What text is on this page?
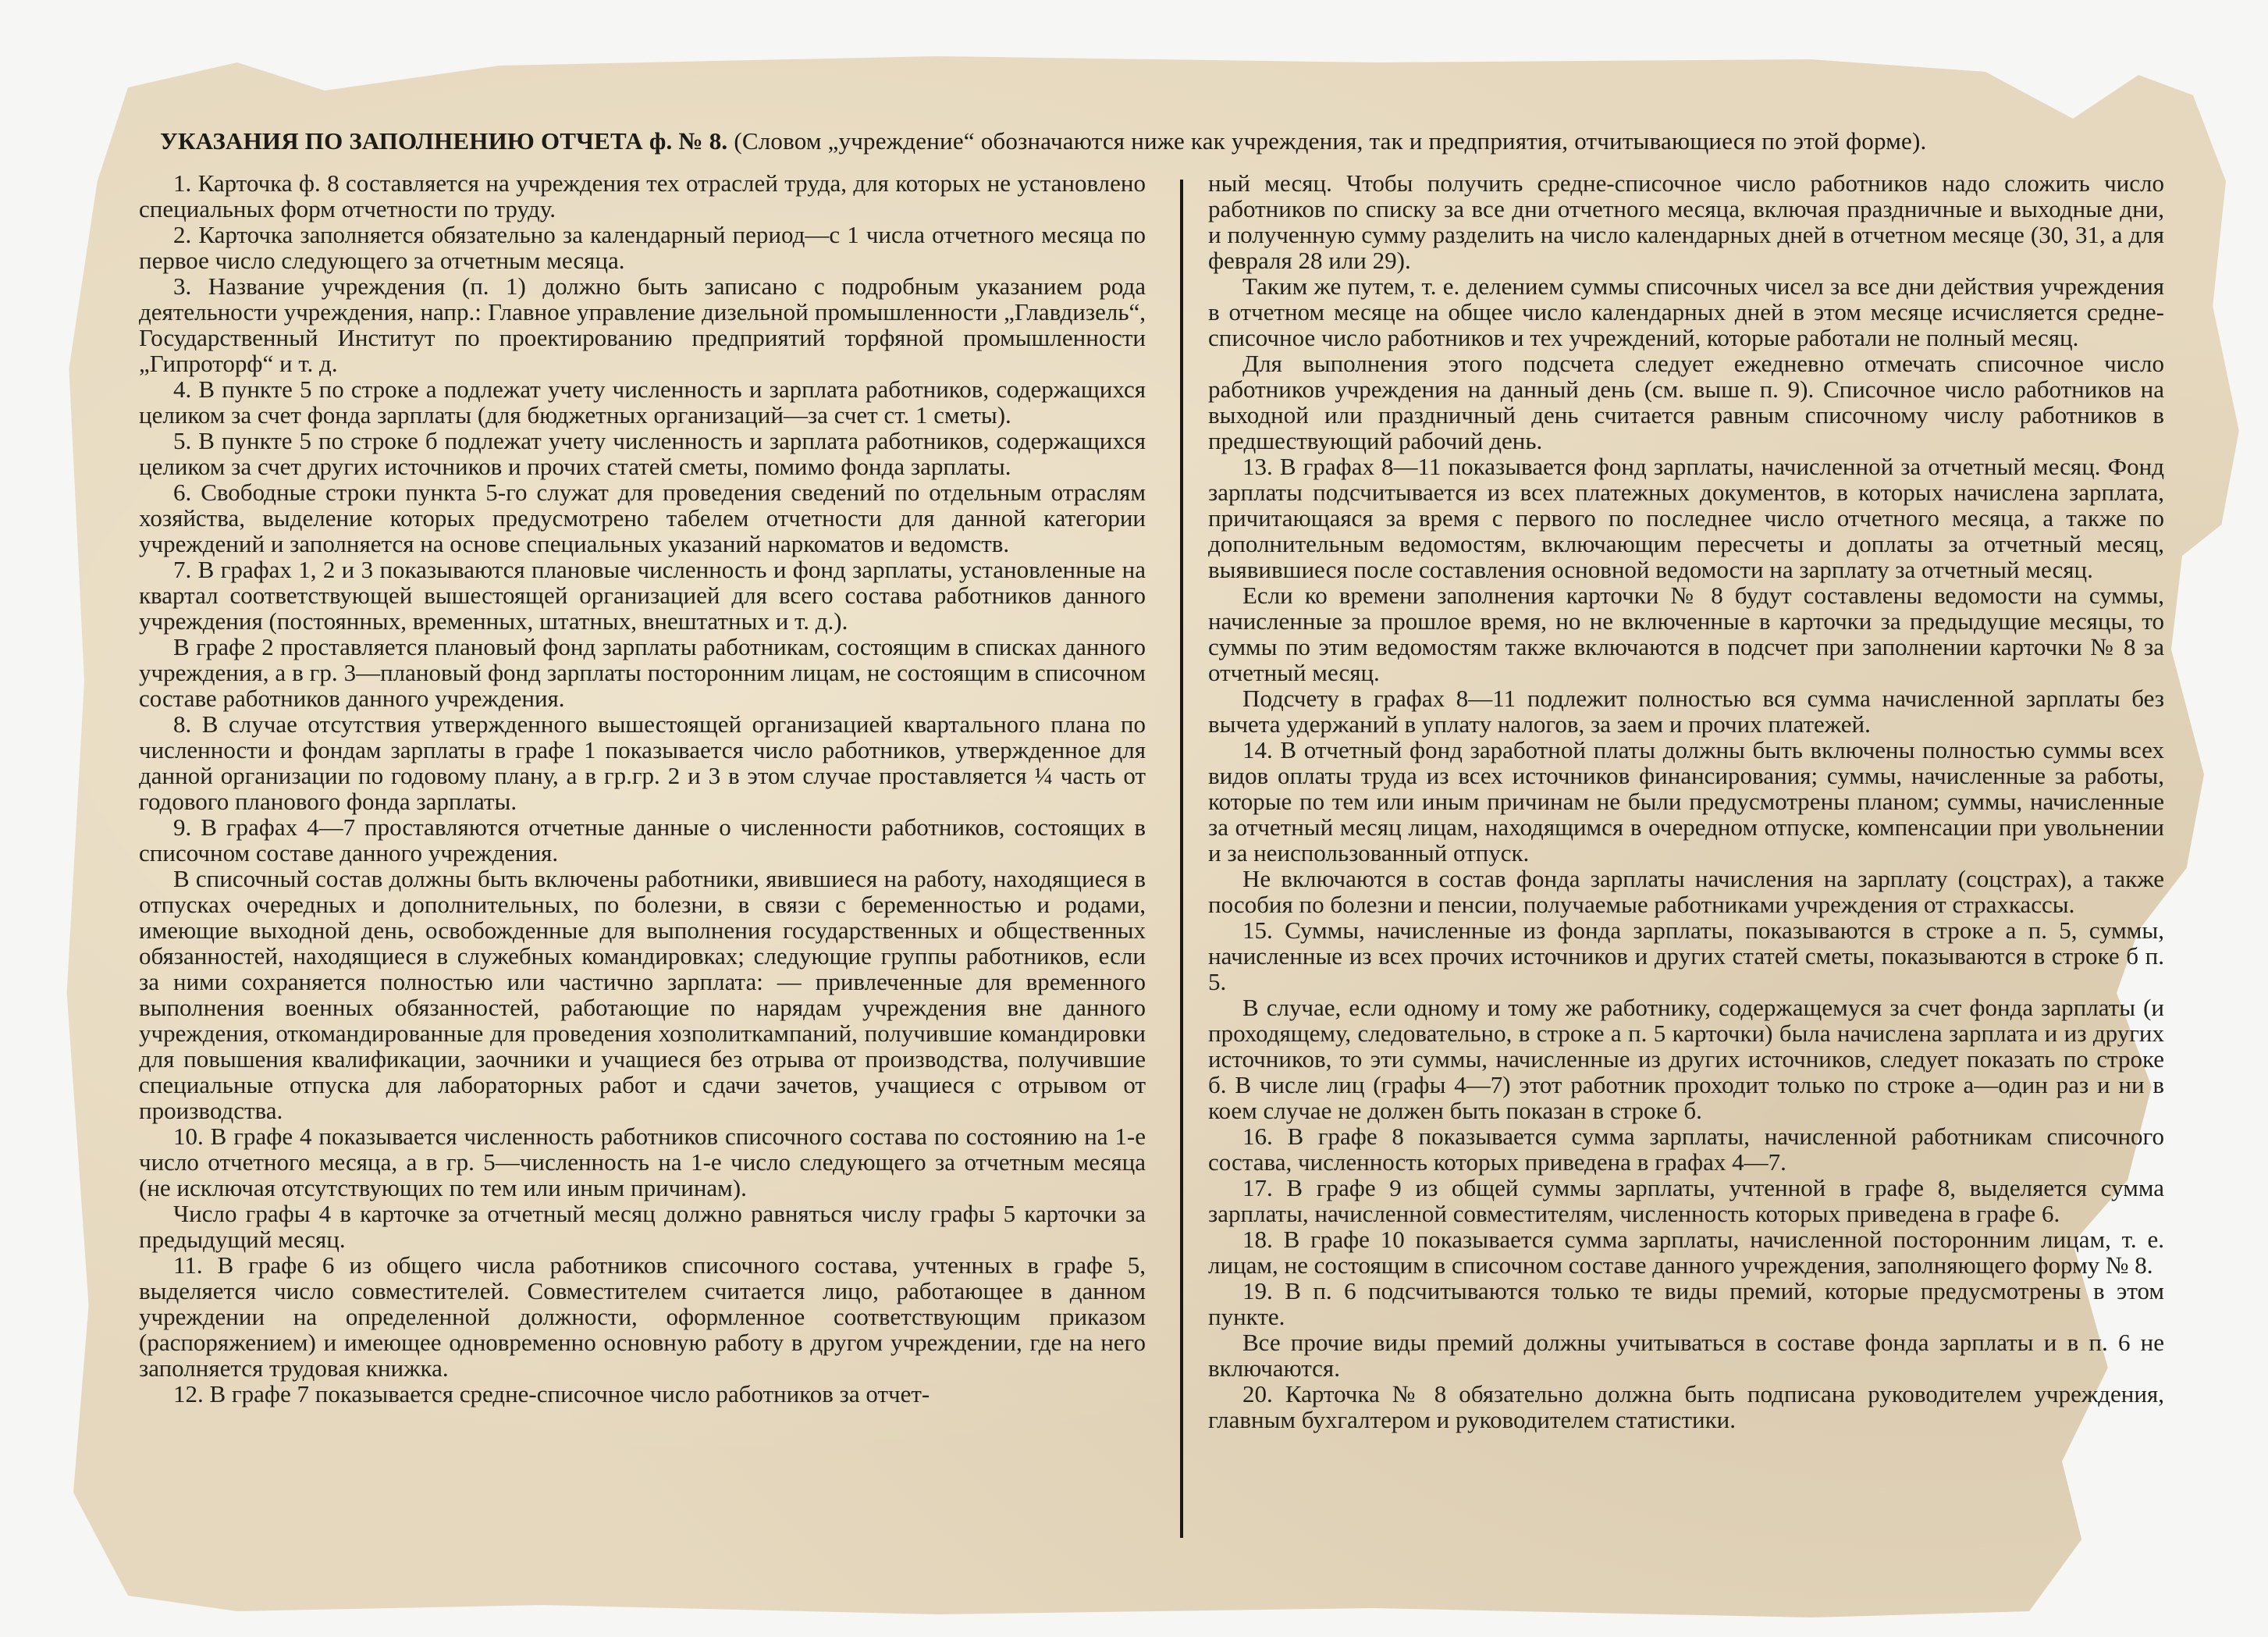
УКАЗАНИЯ ПО ЗАПОЛНЕНИЮ ОТЧЕТА ф. № 8. (Словом „учреждение“ обозначаются ниже как учреждения, так и предприятия, отчитывающиеся по этой форме).

1. Карточка ф. 8 составляется на учреждения тех отраслей труда, для которых не установлено специальных форм отчетности по труду.

2. Карточка заполняется обязательно за календарный период—с 1 числа отчетного месяца по первое число следующего за отчетным месяца.

3. Название учреждения (п. 1) должно быть записано с подробным указанием рода деятельности учреждения, напр.: Главное управление дизельной промышленности „Главдизель“, Государственный Институт по проектированию предприятий торфяной промышленности „Гипроторф“ и т. д.

4. В пункте 5 по строке а подлежат учету численность и зарплата работников, содержащихся целиком за счет фонда зарплаты (для бюджетных организаций—за счет ст. 1 сметы).

5. В пункте 5 по строке б подлежат учету численность и зарплата работников, содержащихся целиком за счет других источников и прочих статей сметы, помимо фонда зарплаты.

6. Свободные строки пункта 5-го служат для проведения сведений по отдельным отраслям хозяйства, выделение которых предусмотрено табелем отчетности для данной категории учреждений и заполняется на основе специальных указаний наркоматов и ведомств.

7. В графах 1, 2 и 3 показываются плановые численность и фонд зарплаты, установленные на квартал соответствующей вышестоящей организацией для всего состава работников данного учреждения (постоянных, временных, штатных, внештатных и т. д.).

В графе 2 проставляется плановый фонд зарплаты работникам, состоящим в списках данного учреждения, а в гр. 3—плановый фонд зарплаты посторонним лицам, не состоящим в списочном составе работников данного учреждения.

8. В случае отсутствия утвержденного вышестоящей организацией квартального плана по численности и фондам зарплаты в графе 1 показывается число работников, утвержденное для данной организации по годовому плану, а в гр.гр. 2 и 3 в этом случае проставляется ¼ часть от годового планового фонда зарплаты.

9. В графах 4—7 проставляются отчетные данные о численности работников, состоящих в списочном составе данного учреждения.

В списочный состав должны быть включены работники, явившиеся на работу, находящиеся в отпусках очередных и дополнительных, по болезни, в связи с беременностью и родами, имеющие выходной день, освобожденные для выполнения государственных и общественных обязанностей, находящиеся в служебных командировках; следующие группы работников, если за ними сохраняется полностью или частично зарплата: — привлеченные для временного выполнения военных обязанностей, работающие по нарядам учреждения вне данного учреждения, откомандированные для проведения хозполиткампаний, получившие командировки для повышения квалификации, заочники и учащиеся без отрыва от производства, получившие специальные отпуска для лабораторных работ и сдачи зачетов, учащиеся с отрывом от производства.

10. В графе 4 показывается численность работников списочного состава по состоянию на 1-е число отчетного месяца, а в гр. 5—численность на 1-е число следующего за отчетным месяца (не исключая отсутствующих по тем или иным причинам).

Число графы 4 в карточке за отчетный месяц должно равняться числу графы 5 карточки за предыдущий месяц.

11. В графе 6 из общего числа работников списочного состава, учтенных в графе 5, выделяется число совместителей. Совместителем считается лицо, работающее в данном учреждении на определенной должности, оформленное соответствующим приказом (распоряжением) и имеющее одновременно основную работу в другом учреждении, где на него заполняется трудовая книжка.

12. В графе 7 показывается средне-списочное число работников за отчет-

ный месяц. Чтобы получить средне-списочное число работников надо сложить число работников по списку за все дни отчетного месяца, включая праздничные и выходные дни, и полученную сумму разделить на число календарных дней в отчетном месяце (30, 31, а для февраля 28 или 29).

Таким же путем, т. е. делением суммы списочных чисел за все дни действия учреждения в отчетном месяце на общее число календарных дней в этом месяце исчисляется средне-списочное число работников и тех учреждений, которые работали не полный месяц.

Для выполнения этого подсчета следует ежедневно отмечать списочное число работников учреждения на данный день (см. выше п. 9). Списочное число работников на выходной или праздничный день считается равным списочному числу работников в предшествующий рабочий день.

13. В графах 8—11 показывается фонд зарплаты, начисленной за отчетный месяц. Фонд зарплаты подсчитывается из всех платежных документов, в которых начислена зарплата, причитающаяся за время с первого по последнее число отчетного месяца, а также по дополнительным ведомостям, включающим пересчеты и доплаты за отчетный месяц, выявившиеся после составления основной ведомости на зарплату за отчетный месяц.

Если ко времени заполнения карточки № 8 будут составлены ведомости на суммы, начисленные за прошлое время, но не включенные в карточки за предыдущие месяцы, то суммы по этим ведомостям также включаются в подсчет при заполнении карточки № 8 за отчетный месяц.

Подсчету в графах 8—11 подлежит полностью вся сумма начисленной зарплаты без вычета удержаний в уплату налогов, за заем и прочих платежей.

14. В отчетный фонд заработной платы должны быть включены полностью суммы всех видов оплаты труда из всех источников финансирования; суммы, начисленные за работы, которые по тем или иным причинам не были предусмотрены планом; суммы, начисленные за отчетный месяц лицам, находящимся в очередном отпуске, компенсации при увольнении и за неиспользованный отпуск.

Не включаются в состав фонда зарплаты начисления на зарплату (соцстрах), а также пособия по болезни и пенсии, получаемые работниками учреждения от страхкассы.

15. Суммы, начисленные из фонда зарплаты, показываются в строке а п. 5, суммы, начисленные из всех прочих источников и других статей сметы, показываются в строке б п. 5.

В случае, если одному и тому же работнику, содержащемуся за счет фонда зарплаты (и проходящему, следовательно, в строке а п. 5 карточки) была начислена зарплата и из других источников, то эти суммы, начисленные из других источников, следует показать по строке б. В числе лиц (графы 4—7) этот работник проходит только по строке а—один раз и ни в коем случае не должен быть показан в строке б.

16. В графе 8 показывается сумма зарплаты, начисленной работникам списочного состава, численность которых приведена в графах 4—7.

17. В графе 9 из общей суммы зарплаты, учтенной в графе 8, выделяется сумма зарплаты, начисленной совместителям, численность которых приведена в графе 6.

18. В графе 10 показывается сумма зарплаты, начисленной посторонним лицам, т. е. лицам, не состоящим в списочном составе данного учреждения, заполняющего форму № 8.

19. В п. 6 подсчитываются только те виды премий, которые предусмотрены в этом пункте.

Все прочие виды премий должны учитываться в составе фонда зарплаты и в п. 6 не включаются.

20. Карточка № 8 обязательно должна быть подписана руководителем учреждения, главным бухгалтером и руководителем статистики.
